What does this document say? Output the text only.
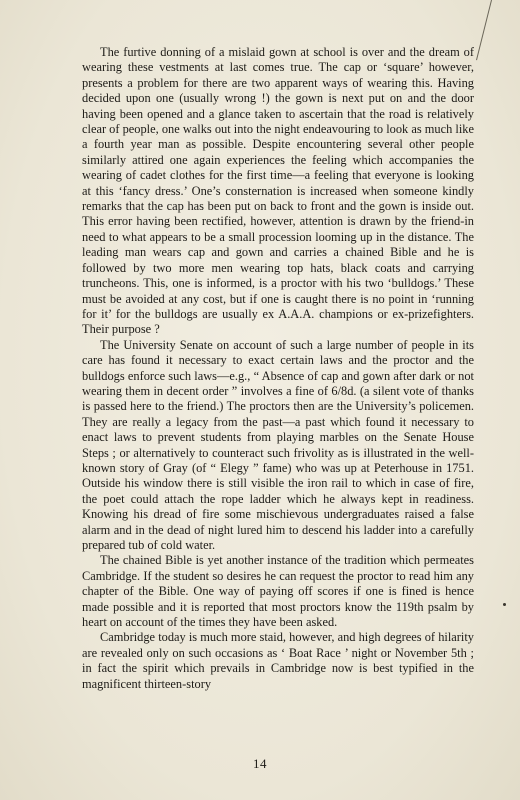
The furtive donning of a mislaid gown at school is over and the dream of wearing these vestments at last comes true. The cap or ‘square’ however, presents a problem for there are two apparent ways of wearing this. Having decided upon one (usually wrong !) the gown is next put on and the door having been opened and a glance taken to ascertain that the road is relatively clear of people, one walks out into the night endeavouring to look as much like a fourth year man as possible. Despite encountering several other people similarly attired one again experiences the feeling which accompanies the wearing of cadet clothes for the first time—a feeling that everyone is looking at this ‘fancy dress.’ One’s consternation is increased when someone kindly remarks that the cap has been put on back to front and the gown is inside out. This error having been rectified, however, attention is drawn by the friend-in need to what appears to be a small procession looming up in the distance. The leading man wears cap and gown and carries a chained Bible and he is followed by two more men wearing top hats, black coats and carrying truncheons. This, one is informed, is a proctor with his two ‘bulldogs.’ These must be avoided at any cost, but if one is caught there is no point in ‘running for it’ for the bulldogs are usually ex A.A.A. champions or ex-prizefighters. Their purpose ?

The University Senate on account of such a large number of people in its care has found it necessary to exact certain laws and the proctor and the bulldogs enforce such laws—e.g., “ Absence of cap and gown after dark or not wearing them in decent order ” involves a fine of 6/8d. (a silent vote of thanks is passed here to the friend.) The proctors then are the University’s policemen. They are really a legacy from the past—a past which found it necessary to enact laws to prevent students from playing marbles on the Senate House Steps ; or alternatively to counteract such frivolity as is illustrated in the well-known story of Gray (of “ Elegy ” fame) who was up at Peterhouse in 1751. Outside his window there is still visible the iron rail to which in case of fire, the poet could attach the rope ladder which he always kept in readiness. Knowing his dread of fire some mischievous undergraduates raised a false alarm and in the dead of night lured him to descend his ladder into a carefully prepared tub of cold water.

The chained Bible is yet another instance of the tradition which permeates Cambridge. If the student so desires he can request the proctor to read him any chapter of the Bible. One way of paying off scores if one is fined is hence made possible and it is reported that most proctors know the 119th psalm by heart on account of the times they have been asked.

Cambridge today is much more staid, however, and high degrees of hilarity are revealed only on such occasions as ‘ Boat Race ’ night or November 5th ; in fact the spirit which prevails in Cambridge now is best typified in the magnificent thirteen-story

14
